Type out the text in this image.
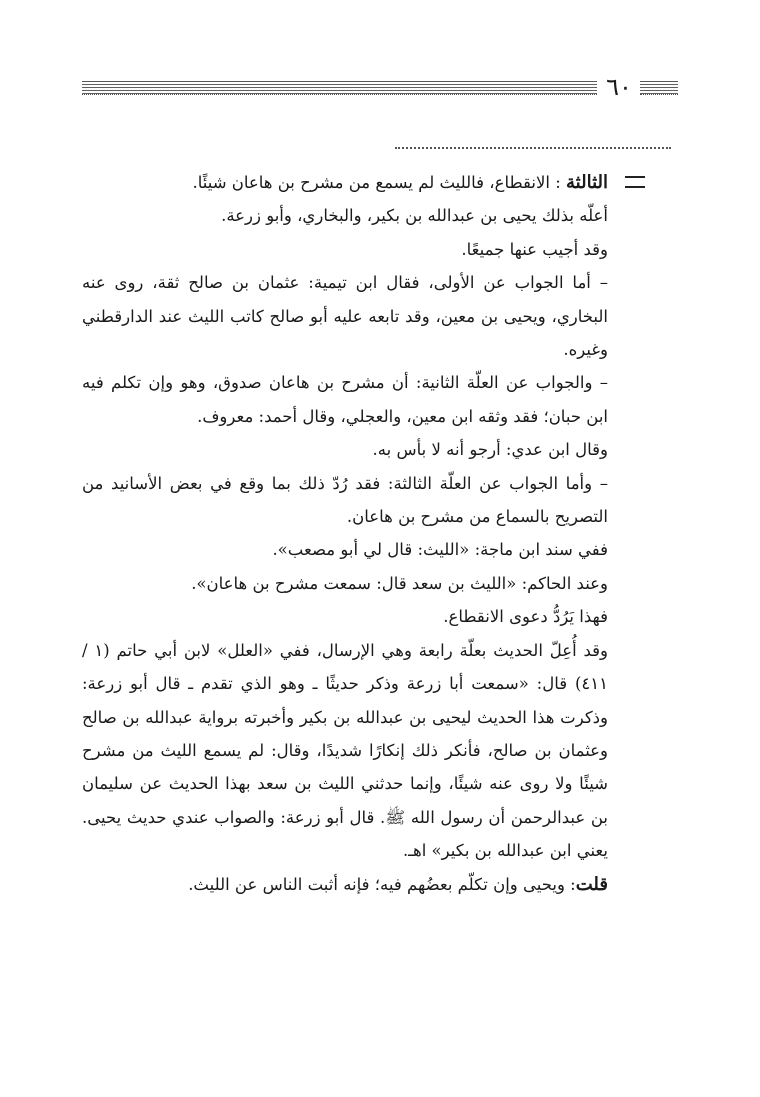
٦٠

الثالثة : الانقطاع، فالليث لم يسمع من مشرح بن هاعان شيئًا.

أعلّه بذلك يحيى بن عبدالله بن بكير، والبخاري، وأبو زرعة.

وقد أجيب عنها جميعًا.

– أما الجواب عن الأولى، فقال ابن تيمية: عثمان بن صالح ثقة، روى عنه البخاري، ويحيى بن معين، وقد تابعه عليه أبو صالح كاتب الليث عند الدارقطني وغيره.

– والجواب عن العلّة الثانية: أن مشرح بن هاعان صدوق، وهو وإن تكلم فيه ابن حبان؛ فقد وثقه ابن معين، والعجلي، وقال أحمد: معروف.

وقال ابن عدي: أرجو أنه لا بأس به.

– وأما الجواب عن العلّة الثالثة: فقد رُدّ ذلك بما وقع في بعض الأسانيد من التصريح بالسماع من مشرح بن هاعان.

ففي سند ابن ماجة: «الليث: قال لي أبو مصعب».

وعند الحاكم: «الليث بن سعد قال: سمعت مشرح بن هاعان».

فهذا يَرُدُّ دعوى الانقطاع.

وقد أُعِلّ الحديث بعلّة رابعة وهي الإرسال، ففي «العلل» لابن أبي حاتم (١ / ٤١١) قال: «سمعت أبا زرعة وذكر حديثًا ـ وهو الذي تقدم ـ قال أبو زرعة: وذكرت هذا الحديث ليحيى بن عبدالله بن بكير وأخبرته برواية عبدالله بن صالح وعثمان بن صالح، فأنكر ذلك إنكارًا شديدًا، وقال: لم يسمع الليث من مشرح شيئًا ولا روى عنه شيئًا، وإنما حدثني الليث بن سعد بهذا الحديث عن سليمان بن عبدالرحمن أن رسول الله ﷺ. قال أبو زرعة: والصواب عندي حديث يحيى. يعني ابن عبدالله بن بكير» اهـ.

قلت: ويحيى وإن تكلّم بعضُهم فيه؛ فإنه أثبت الناس عن الليث.
